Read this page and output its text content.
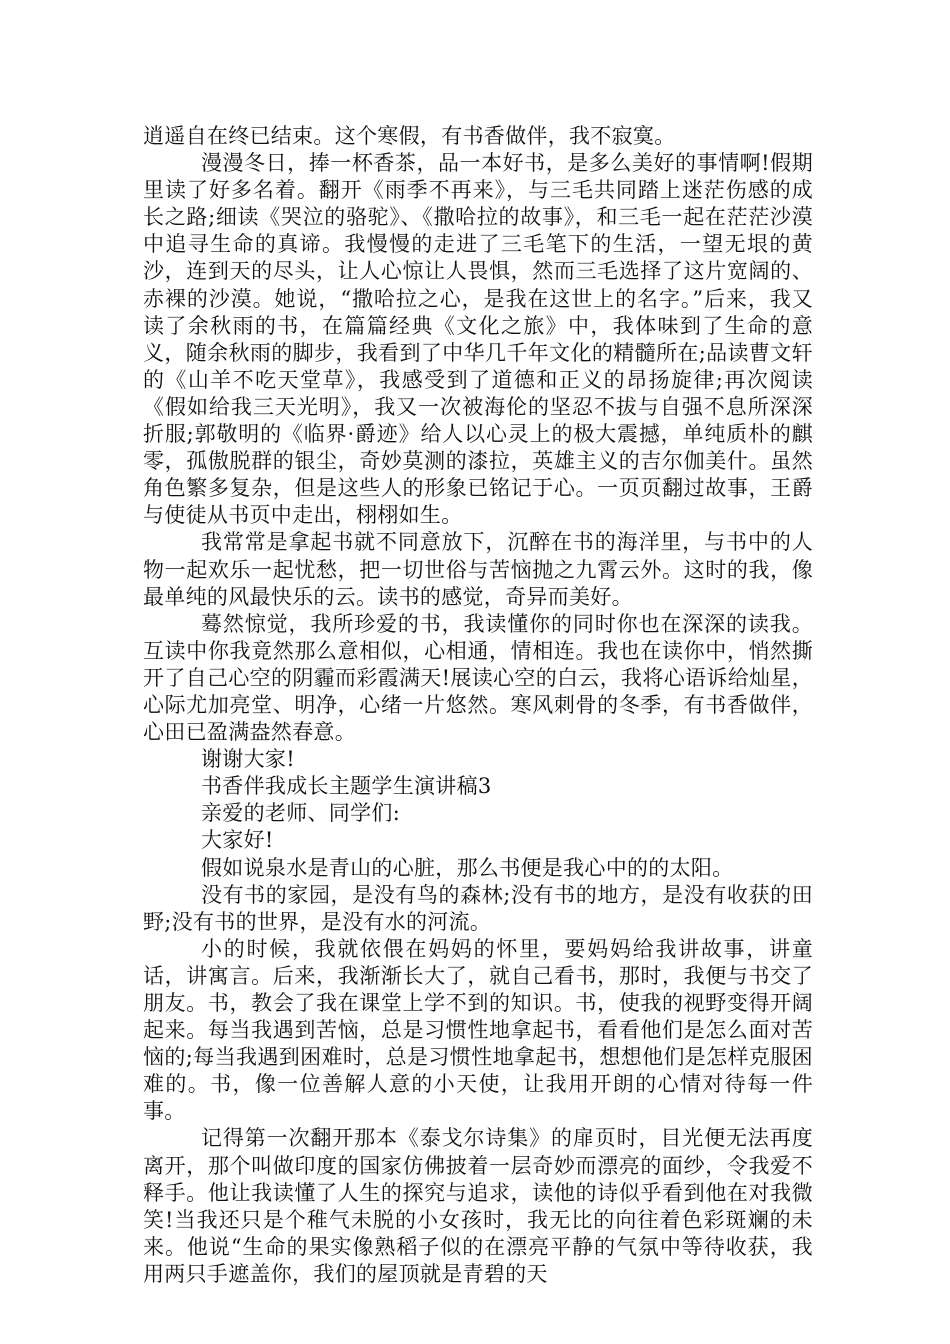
逍遥自在终已结束。这个寒假，有书香做伴，我不寂寞。

漫漫冬日，捧一杯香茶，品一本好书，是多么美好的事情啊!假期里读了好多名着。翻开《雨季不再来》，与三毛共同踏上迷茫伤感的成长之路;细读《哭泣的骆驼》、《撒哈拉的故事》，和三毛一起在茫茫沙漠中追寻生命的真谛。我慢慢的走进了三毛笔下的生活，一望无垠的黄沙，连到天的尽头，让人心惊让人畏惧，然而三毛选择了这片宽阔的、赤裸的沙漠。她说，“撒哈拉之心，是我在这世上的名字。”后来，我又读了余秋雨的书，在篇篇经典《文化之旅》中，我体味到了生命的意义，随余秋雨的脚步，我看到了中华几千年文化的精髓所在;品读曹文轩的《山羊不吃天堂草》，我感受到了道德和正义的昂扬旋律;再次阅读《假如给我三天光明》，我又一次被海伦的坚忍不拔与自强不息所深深折服;郭敬明的《临界·爵迹》给人以心灵上的极大震撼，单纯质朴的麒零，孤傲脱群的银尘，奇妙莫测的漆拉，英雄主义的吉尔伽美什。虽然角色繁多复杂，但是这些人的形象已铭记于心。一页页翻过故事，王爵与使徒从书页中走出，栩栩如生。

我常常是拿起书就不同意放下，沉醉在书的海洋里，与书中的人物一起欢乐一起忧愁，把一切世俗与苦恼抛之九霄云外。这时的我，像最单纯的风最快乐的云。读书的感觉，奇异而美好。

蓦然惊觉，我所珍爱的书，我读懂你的同时你也在深深的读我。互读中你我竟然那么意相似，心相通，情相连。我也在读你中，悄然撕开了自己心空的阴霾而彩霞满天!展读心空的白云，我将心语诉给灿星，心际尤加亮堂、明净，心绪一片悠然。寒风刺骨的冬季，有书香做伴，心田已盈满盎然春意。

谢谢大家!

书香伴我成长主题学生演讲稿3

亲爱的老师、同学们:

大家好!

假如说泉水是青山的心脏，那么书便是我心中的的太阳。

没有书的家园，是没有鸟的森林;没有书的地方，是没有收获的田野;没有书的世界，是没有水的河流。

小的时候，我就依偎在妈妈的怀里，要妈妈给我讲故事，讲童话，讲寓言。后来，我渐渐长大了，就自己看书，那时，我便与书交了朋友。书，教会了我在课堂上学不到的知识。书，使我的视野变得开阔起来。每当我遇到苦恼，总是习惯性地拿起书，看看他们是怎么面对苦恼的;每当我遇到困难时，总是习惯性地拿起书，想想他们是怎样克服困难的。书，像一位善解人意的小天使，让我用开朗的心情对待每一件事。

记得第一次翻开那本《泰戈尔诗集》的扉页时，目光便无法再度离开，那个叫做印度的国家仿佛披着一层奇妙而漂亮的面纱，令我爱不释手。他让我读懂了人生的探究与追求，读他的诗似乎看到他在对我微笑!当我还只是个稚气未脱的小女孩时，我无比的向往着色彩斑斓的未来。他说“生命的果实像熟稻子似的在漂亮平静的气氛中等待收获，我用两只手遮盖你，我们的屋顶就是青碧的天
